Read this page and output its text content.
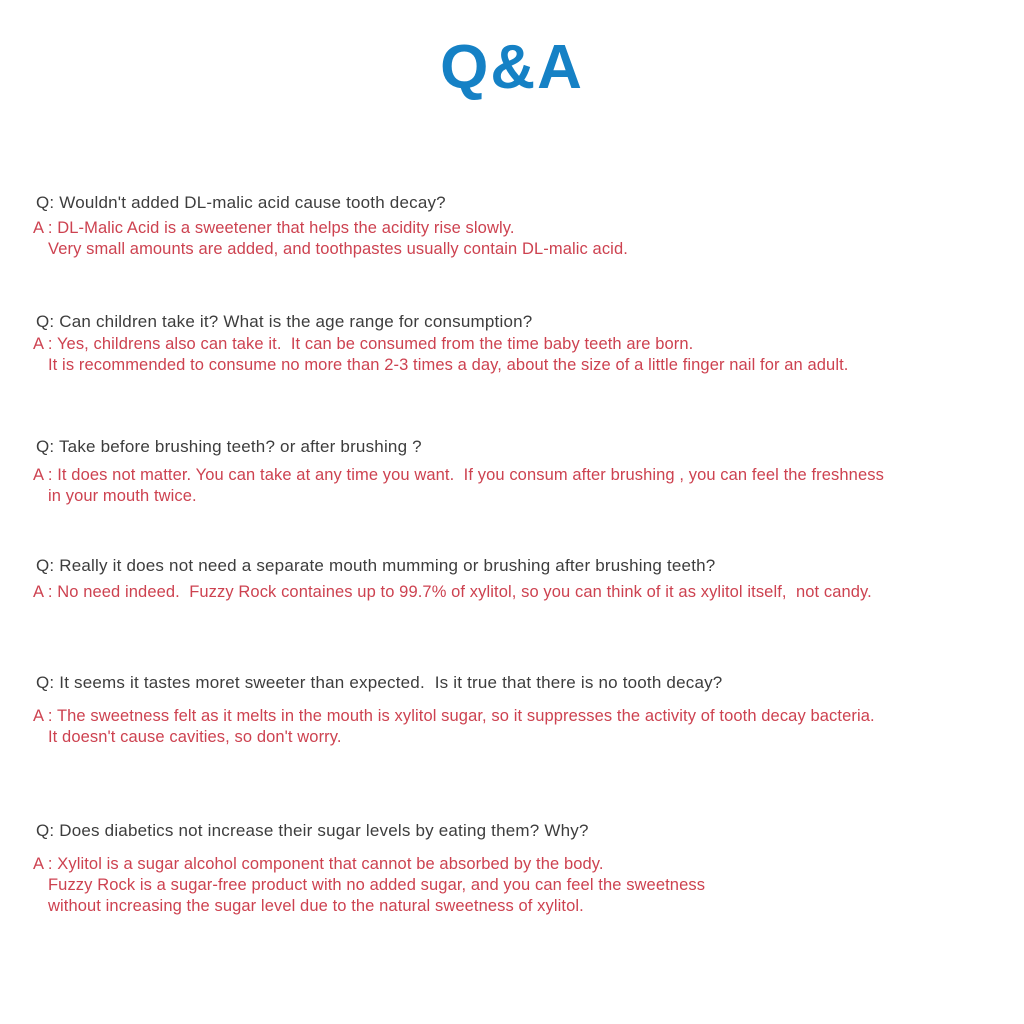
Q&A

Q: Wouldn't added DL-malic acid cause tooth decay?

A : DL-Malic Acid is a sweetener that helps the acidity rise slowly.

Very small amounts are added, and toothpastes usually contain DL-malic acid.

Q: Can children take it? What is the age range for consumption?

A : Yes, childrens also can take it.  It can be consumed from the time baby teeth are born.

It is recommended to consume no more than 2-3 times a day, about the size of a little finger nail for an adult.

Q: Take before brushing teeth? or after brushing ?

A : It does not matter. You can take at any time you want.  If you consum after brushing , you can feel the freshness

in your mouth twice.

Q: Really it does not need a separate mouth mumming or brushing after brushing teeth?

A : No need indeed.  Fuzzy Rock containes up to 99.7% of xylitol, so you can think of it as xylitol itself,  not candy.

Q: It seems it tastes moret sweeter than expected.  Is it true that there is no tooth decay?

A : The sweetness felt as it melts in the mouth is xylitol sugar, so it suppresses the activity of tooth decay bacteria.

It doesn't cause cavities, so don't worry.

Q: Does diabetics not increase their sugar levels by eating them? Why?

A : Xylitol is a sugar alcohol component that cannot be absorbed by the body.

Fuzzy Rock is a sugar-free product with no added sugar, and you can feel the sweetness

without increasing the sugar level due to the natural sweetness of xylitol.
